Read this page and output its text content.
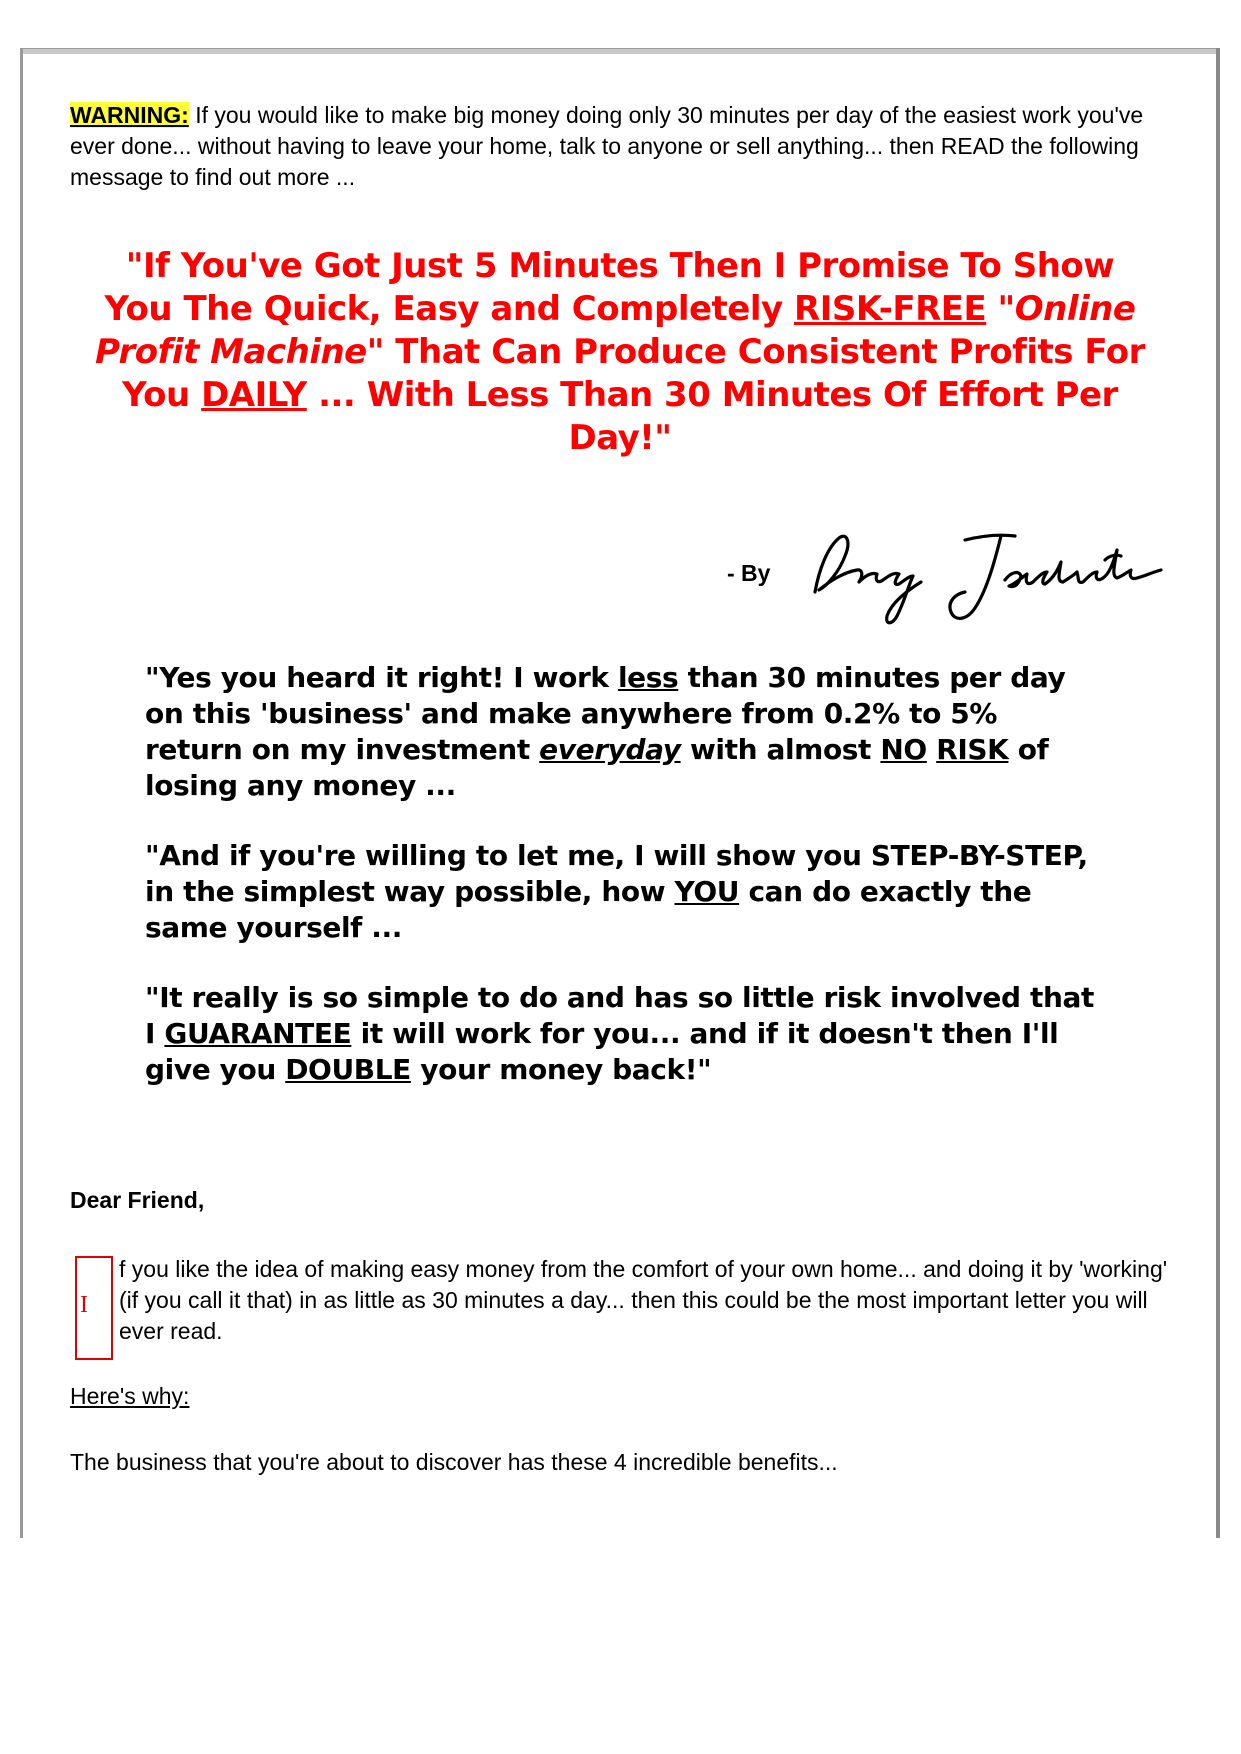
WARNING: If you would like to make big money doing only 30 minutes per day of the easiest work you've ever done... without having to leave your home, talk to anyone or sell anything... then READ the following message to find out more ...

"If You've Got Just 5 Minutes Then I Promise To Show You The Quick, Easy and Completely RISK-FREE "Online Profit Machine" That Can Produce Consistent Profits For You DAILY ... With Less Than 30 Minutes Of Effort Per Day!"
- By
"Yes you heard it right! I work less than 30 minutes per day on this 'business' and make anywhere from 0.2% to 5% return on my investment everyday with almost NO RISK of losing any money ...
"And if you're willing to let me, I will show you STEP-BY-STEP, in the simplest way possible, how YOU can do exactly the same yourself ...
"It really is so simple to do and has so little risk involved that I GUARANTEE it will work for you... and if it doesn't then I'll give you DOUBLE your money back!"
Dear Friend,
I
f you like the idea of making easy money from the comfort of your own home... and doing it by 'working' (if you call it that) in as little as 30 minutes a day... then this could be the most important letter you will ever read.
Here's why:
The business that you're about to discover has these 4 incredible benefits...
